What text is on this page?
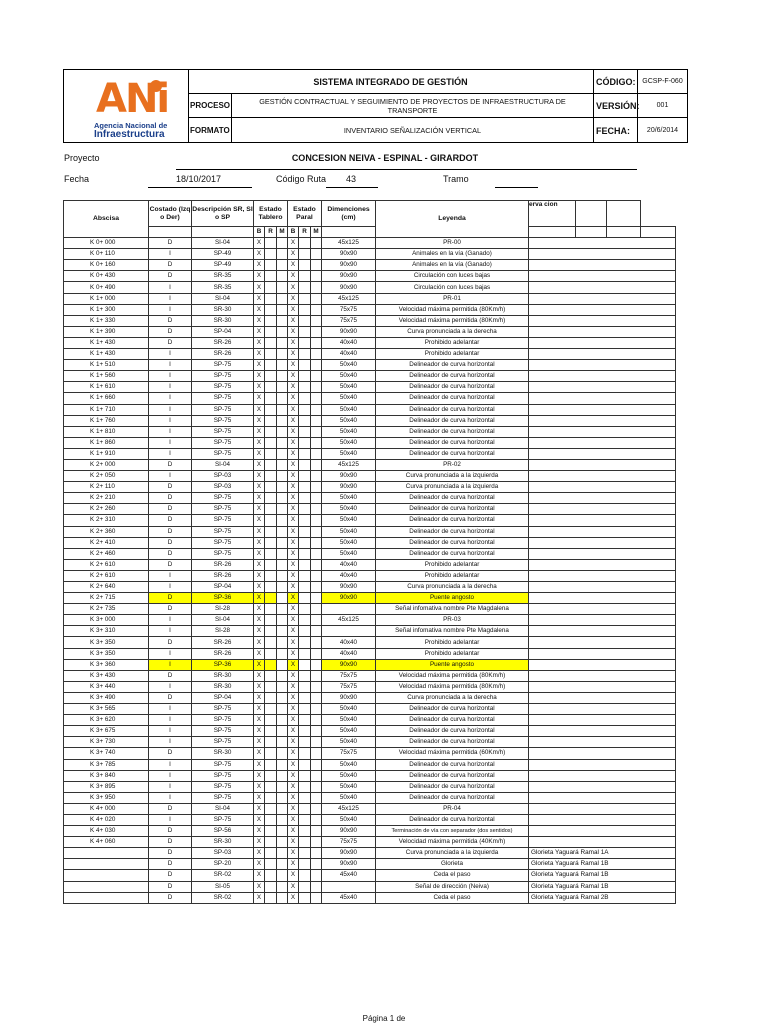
ANi
Agencia Nacional de
Infraestructura
SISTEMA INTEGRADO DE GESTIÓN
PROCESO	GESTIÓN CONTRACTUAL Y SEGUIMIENTO DE PROYECTOS DE INFRAESTRUCTURA DE TRANSPORTE
FORMATO	INVENTARIO SEÑALIZACIÓN VERTICAL
CÓDIGO: GCSP-F-060
VERSIÓN:	001
FECHA:	20/6/2014
Proyecto	CONCESION NEIVA - ESPINAL - GIRARDOT
Fecha	18/10/2017	Código Ruta 43	Tramo
Abscisa	Costado (Izq o Der)	Descripción SR, SI o SP	Estado Tablero			Estado Paral			Dimenciones (cm)	Leyenda	erva cion			
			B	R	M	B	R	M						
K 0+ 000	D	SI-04	X			X			45x125	PR-00				
K 0+ 110	I	SP-49	X			X			90x90	Animales en la vía (Ganado)				
K 0+ 160	D	SP-49	X			X			90x90	Animales en la vía (Ganado)				
K 0+ 430	D	SR-35	X			X			90x90	Circulación con luces bajas				
K 0+ 490	I	SR-35	X			X			90x90	Circulación con luces bajas				
K 1+ 000	I	SI-04	X			X			45x125	PR-01				
K 1+ 300	I	SR-30	X			X			75x75	Velocidad máxima permitida (80Km/h)				
K 1+ 330	D	SR-30	X			X			75x75	Velocidad máxima permitida (80Km/h)				
K 1+ 390	D	SP-04	X			X			90x90	Curva pronunciada a la derecha				
K 1+ 430	D	SR-26	X			X			40x40	Prohibido adelantar				
K 1+ 430	I	SR-26	X			X			40x40	Prohibido adelantar				
K 1+ 510	I	SP-75	X			X			50x40	Delineador de curva horizontal				
K 1+ 560	I	SP-75	X			X			50x40	Delineador de curva horizontal				
K 1+ 610	I	SP-75	X			X			50x40	Delineador de curva horizontal				
K 1+ 660	I	SP-75	X			X			50x40	Delineador de curva horizontal				
K 1+ 710	I	SP-75	X			X			50x40	Delineador de curva horizontal				
K 1+ 760	I	SP-75	X			X			50x40	Delineador de curva horizontal				
K 1+ 810	I	SP-75	X			X			50x40	Delineador de curva horizontal				
K 1+ 860	I	SP-75	X			X			50x40	Delineador de curva horizontal				
K 1+ 910	I	SP-75	X			X			50x40	Delineador de curva horizontal				
K 2+ 000	D	SI-04	X			X			45x125	PR-02				
K 2+ 050	I	SP-03	X			X			90x90	Curva pronunciada a la izquierda				
K 2+ 110	D	SP-03	X			X			90x90	Curva pronunciada a la izquierda				
K 2+ 210	D	SP-75	X			X			50x40	Delineador de curva horizontal				
K 2+ 260	D	SP-75	X			X			50x40	Delineador de curva horizontal				
K 2+ 310	D	SP-75	X			X			50x40	Delineador de curva horizontal				
K 2+ 360	D	SP-75	X			X			50x40	Delineador de curva horizontal				
K 2+ 410	D	SP-75	X			X			50x40	Delineador de curva horizontal				
K 2+ 460	D	SP-75	X			X			50x40	Delineador de curva horizontal				
K 2+ 610	D	SR-26	X			X			40x40	Prohibido adelantar				
K 2+ 610	I	SR-26	X			X			40x40	Prohibido adelantar				
K 2+ 640	I	SP-04	X			X			90x90	Curva pronunciada a la derecha				
K 2+ 715	D	SP-36	X			X			90x90	Puente angosto				
K 2+ 735	D	SI-28	X			X				Señal infomativa nombre Pte Magdalena				
K 3+ 000	I	SI-04	X			X			45x125	PR-03				
K 3+ 310	I	SI-28	X			X				Señal infomativa nombre Pte Magdalena				
K 3+ 350	D	SR-26	X			X			40x40	Prohibido adelantar				
K 3+ 350	I	SR-26	X			X			40x40	Prohibido adelantar				
K 3+ 360	I	SP-36	X			X			90x90	Puente angosto				
K 3+ 430	D	SR-30	X			X			75x75	Velocidad máxima permitida (80Km/h)				
K 3+ 440	I	SR-30	X			X			75x75	Velocidad máxima permitida (80Km/h)				
K 3+ 490	D	SP-04	X			X			90x90	Curva pronunciada a la derecha				
K 3+ 565	I	SP-75	X			X			50x40	Delineador de curva horizontal				
K 3+ 620	I	SP-75	X			X			50x40	Delineador de curva horizontal				
K 3+ 675	I	SP-75	X			X			50x40	Delineador de curva horizontal				
K 3+ 730	I	SP-75	X			X			50x40	Delineador de curva horizontal				
K 3+ 740	D	SR-30	X			X			75x75	Velocidad máxima permitida (60Km/h)				
K 3+ 785	I	SP-75	X			X			50x40	Delineador de curva horizontal				
K 3+ 840	I	SP-75	X			X			50x40	Delineador de curva horizontal				
K 3+ 895	I	SP-75	X			X			50x40	Delineador de curva horizontal				
K 3+ 950	I	SP-75	X			X			50x40	Delineador de curva horizontal				
K 4+ 000	D	SI-04	X			X			45x125	PR-04				
K 4+ 020	I	SP-75	X			X			50x40	Delineador de curva horizontal				
K 4+ 030	D	SP-56	X			X			90x90	Terminación de vía con separador (dos sentidos)				
K 4+ 060	D	SR-30	X			X			75x75	Velocidad máxima permitida (40Km/h)				
	D	SP-03	X			X			90x90	Curva pronunciada a la izquierda	Glorieta Yaguará Ramal 1A			
	D	SP-20	X			X			90x90	Glorieta	Glorieta Yaguará Ramal 1B			
	D	SR-02	X			X			45x40	Ceda el paso	Glorieta Yaguará Ramal 1B			
	D	SI-05	X			X				Señal de dirección (Neiva)	Glorieta Yaguará Ramal 1B			
	D	SR-02	X			X			45x40	Ceda el paso	Glorieta Yaguará Ramal 2B			
Página 1 de
